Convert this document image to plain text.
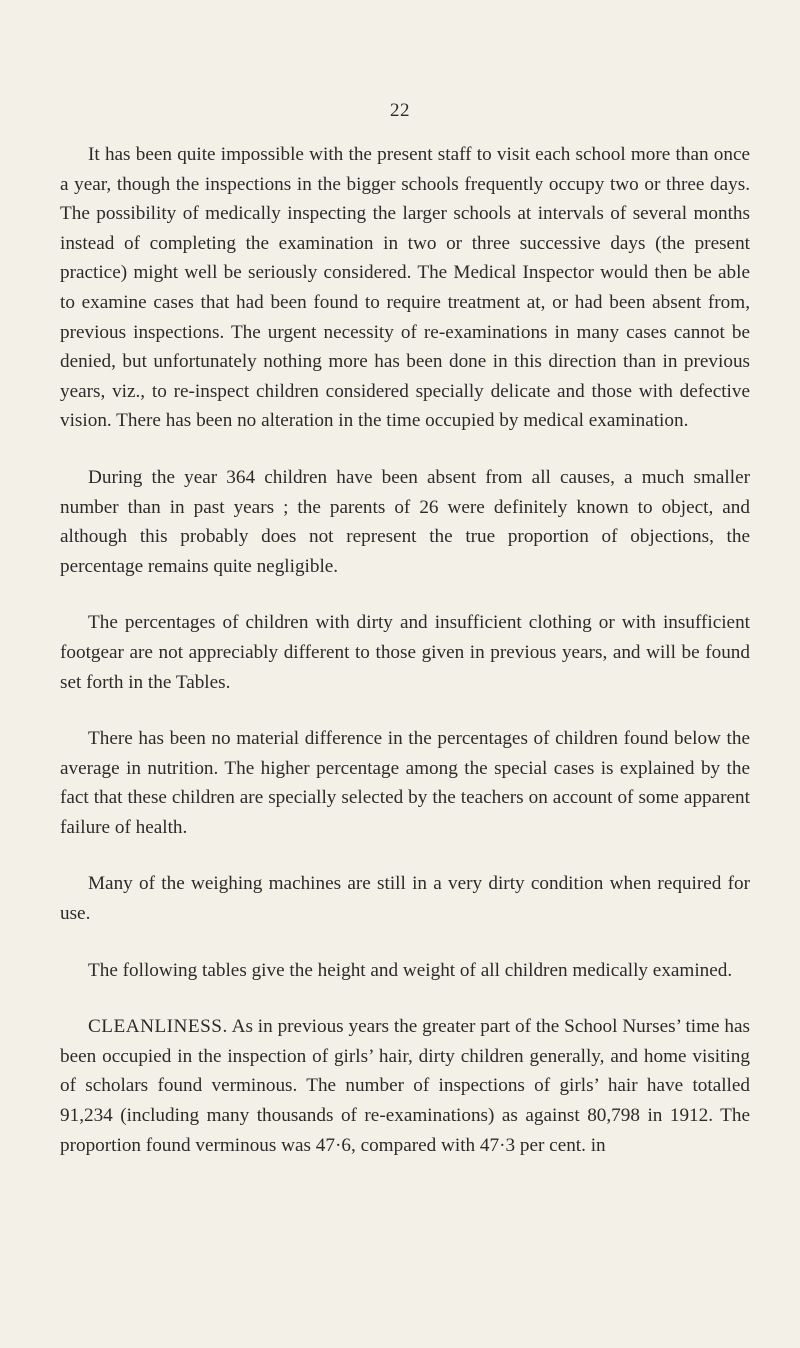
22

It has been quite impossible with the present staff to visit each school more than once a year, though the inspections in the bigger schools frequently occupy two or three days. The possibility of medically inspecting the larger schools at intervals of several months instead of completing the examination in two or three successive days (the present practice) might well be seriously considered. The Medical Inspector would then be able to examine cases that had been found to require treatment at, or had been absent from, previous inspections. The urgent necessity of re-examinations in many cases cannot be denied, but unfortunately nothing more has been done in this direction than in previous years, viz., to re-inspect children considered specially delicate and those with defective vision. There has been no alteration in the time occupied by medical examination.

During the year 364 children have been absent from all causes, a much smaller number than in past years ; the parents of 26 were definitely known to object, and although this probably does not represent the true proportion of objections, the percentage remains quite negligible.

The percentages of children with dirty and insufficient clothing or with insufficient footgear are not appreciably different to those given in previous years, and will be found set forth in the Tables.

There has been no material difference in the percentages of children found below the average in nutrition. The higher percentage among the special cases is explained by the fact that these children are specially selected by the teachers on account of some apparent failure of health.

Many of the weighing machines are still in a very dirty condition when required for use.

The following tables give the height and weight of all children medically examined.

CLEANLINESS. As in previous years the greater part of the School Nurses’ time has been occupied in the inspection of girls’ hair, dirty children generally, and home visiting of scholars found verminous. The number of inspections of girls’ hair have totalled 91,234 (including many thousands of re-examinations) as against 80,798 in 1912. The proportion found verminous was 47·6, compared with 47·3 per cent. in
